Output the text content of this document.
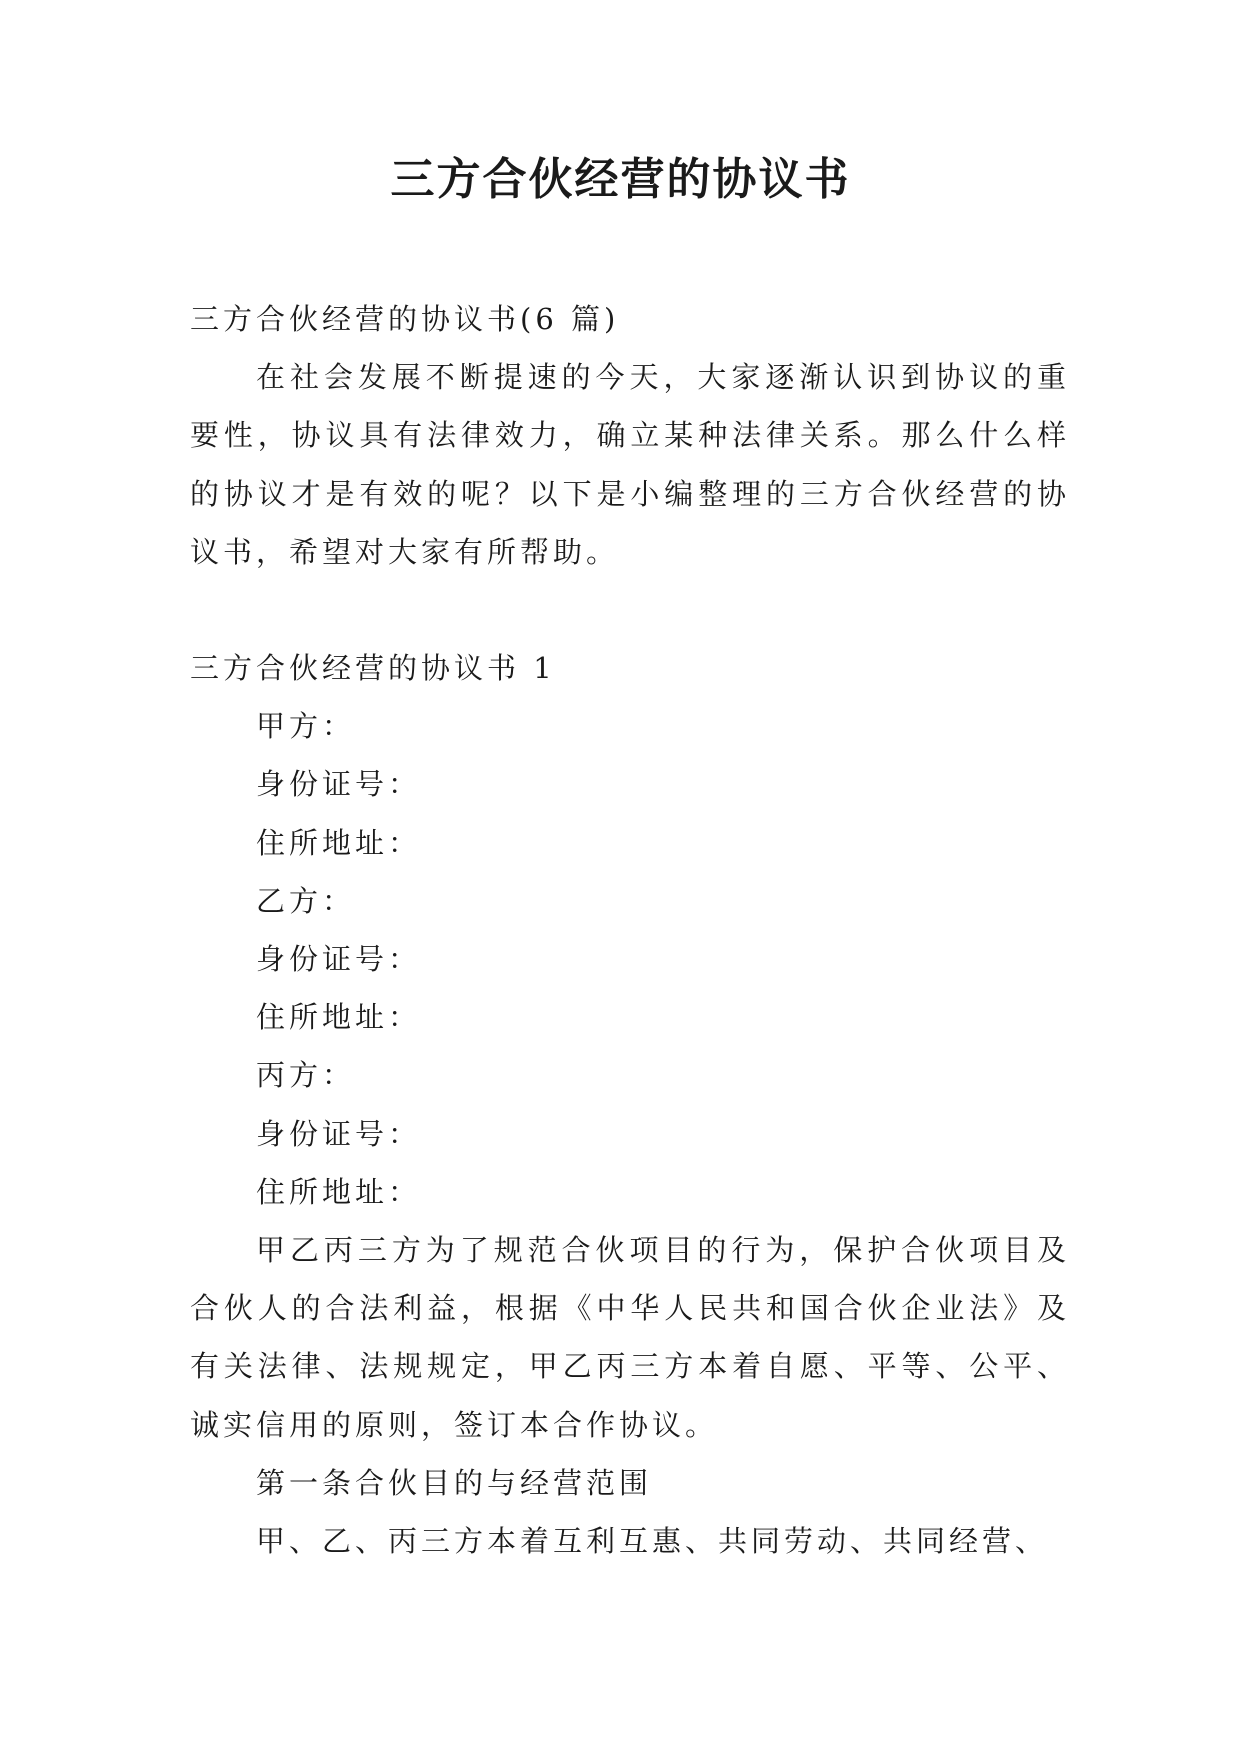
三方合伙经营的协议书

三方合伙经营的协议书(6 篇)

在社会发展不断提速的今天，大家逐渐认识到协议的重要性，协议具有法律效力，确立某种法律关系。那么什么样的协议才是有效的呢？以下是小编整理的三方合伙经营的协议书，希望对大家有所帮助。

三方合伙经营的协议书 1

甲方：

身份证号：

住所地址：

乙方：

身份证号：

住所地址：

丙方：

身份证号：

住所地址：

甲乙丙三方为了规范合伙项目的行为，保护合伙项目及合伙人的合法利益，根据《中华人民共和国合伙企业法》及有关法律、法规规定，甲乙丙三方本着自愿、平等、公平、诚实信用的原则，签订本合作协议。

第一条合伙目的与经营范围

甲、乙、丙三方本着互利互惠、共同劳动、共同经营、
